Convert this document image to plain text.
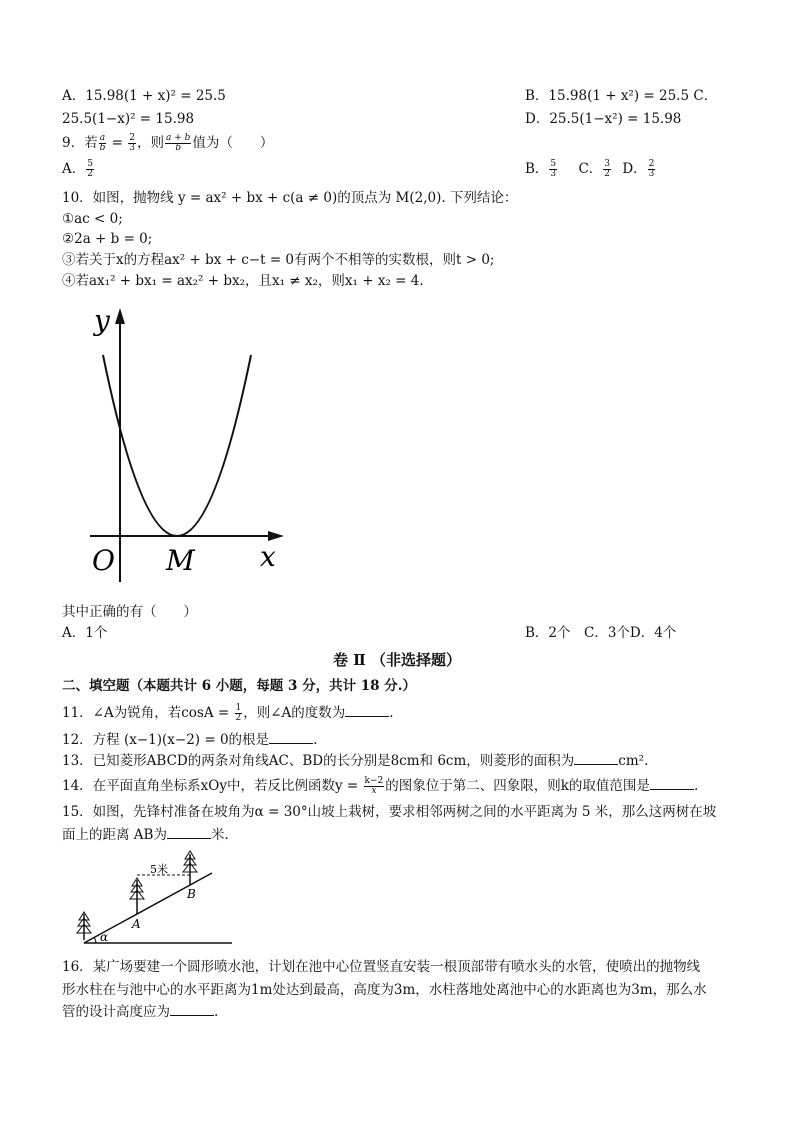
A．15.98(1 + x)² = 25.5	B．15.98(1 + x²) = 25.5 C．
25.5(1−x)² = 15.98	D．25.5(1−x²) = 15.98
9．若 $\frac{a}{b} = \frac{2}{3}$ ，则 $\frac{a + b}{b}$ 值为（　　）
A． $\frac{5}{2}$	B． $\frac{5}{3}$ C． $\frac{3}{2}$ D． $\frac{2}{3}$
10．如图，抛物线 y = ax² + bx + c(a ≠ 0)的顶点为 M(2,0). 下列结论：
①ac < 0;
②2a + b = 0;
③若关于x的方程ax² + bx + c−t = 0有两个不相等的实数根，则t > 0;
④若ax₁² + bx₁ = ax₂² + bx₂，且x₁ ≠ x₂，则x₁ + x₂ = 4.
y
x
O M
其中正确的有（　　）
A．1个	B．2个　C．3个D．4个
卷 Ⅱ （非选择题）
二、填空题（本题共计 6 小题，每题 3 分，共计 18 分.）
11．∠A为锐角，若$\cos A = \frac{1}{2}$ ，则∠A的度数为	.
12．方程 (x−1)(x−2) = 0的根是	.
13．已知菱形ABCD的两条对角线AC、BD的长分别是8cm和 6cm，则菱形的面积为	cm².
14．在平面直角坐标系xOy中，若反比例函数$y = \frac{k-2}{x}$ 的图象位于第二、四象限，则k的取值范围是	.
15．如图，先锋村准备在坡角为α = 30°山坡上栽树，要求相邻两树之间的水平距离为 5 米，那么这两树在坡
面上的距离 AB为	米.
5米
A
B
α
16．某广场要建一个圆形喷水池，计划在池中心位置竖直安装一根顶部带有喷水头的水管，使喷出的抛物线
形水柱在与池中心的水平距离为1m处达到最高，高度为3m，水柱落地处离池中心的水距离也为3m，那么水
管的设计高度应为	.
